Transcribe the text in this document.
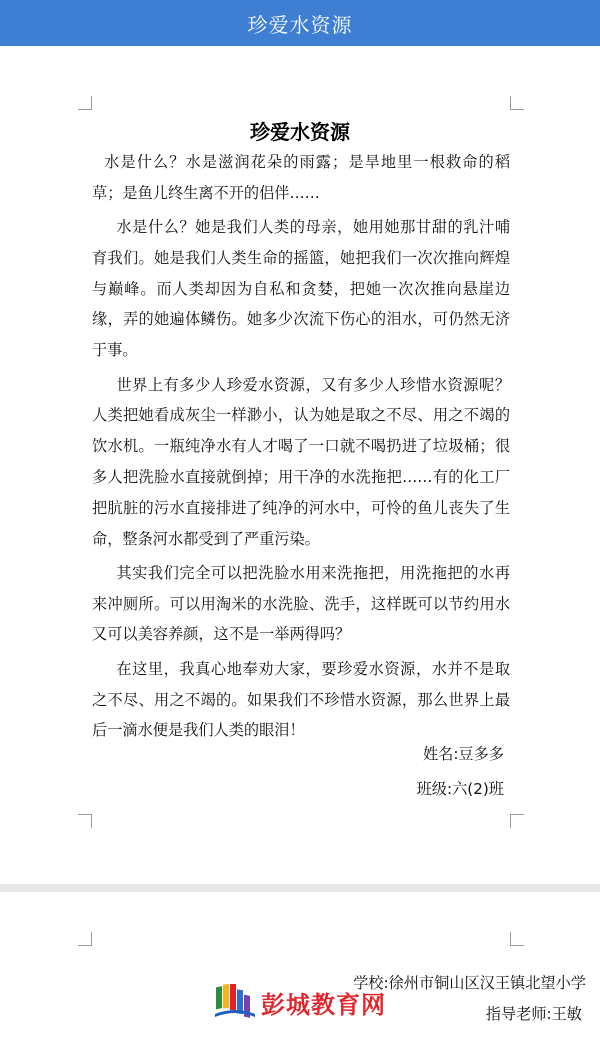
珍爱水资源
珍爱水资源

水是什么？水是滋润花朵的雨露；是旱地里一根救命的稻草；是鱼儿终生离不开的侣伴……

水是什么？她是我们人类的母亲，她用她那甘甜的乳汁哺育我们。她是我们人类生命的摇篮，她把我们一次次推向辉煌与巅峰。而人类却因为自私和贪婪，把她一次次推向悬崖边缘，弄的她遍体鳞伤。她多少次流下伤心的泪水，可仍然无济于事。

世界上有多少人珍爱水资源，又有多少人珍惜水资源呢？人类把她看成灰尘一样渺小，认为她是取之不尽、用之不竭的饮水机。一瓶纯净水有人才喝了一口就不喝扔进了垃圾桶；很多人把洗脸水直接就倒掉；用干净的水洗拖把……有的化工厂把肮脏的污水直接排进了纯净的河水中，可怜的鱼儿丧失了生命，整条河水都受到了严重污染。

其实我们完全可以把洗脸水用来洗拖把，用洗拖把的水再来冲厕所。可以用淘米的水洗脸、洗手，这样既可以节约用水又可以美容养颜，这不是一举两得吗？

在这里，我真心地奉劝大家，要珍爱水资源，水并不是取之不尽、用之不竭的。如果我们不珍惜水资源，那么世界上最后一滴水便是我们人类的眼泪！

姓名:豆多多
班级:六(2)班
学校:徐州市铜山区汉王镇北望小学
彭城教育网	指导老师:王敏
